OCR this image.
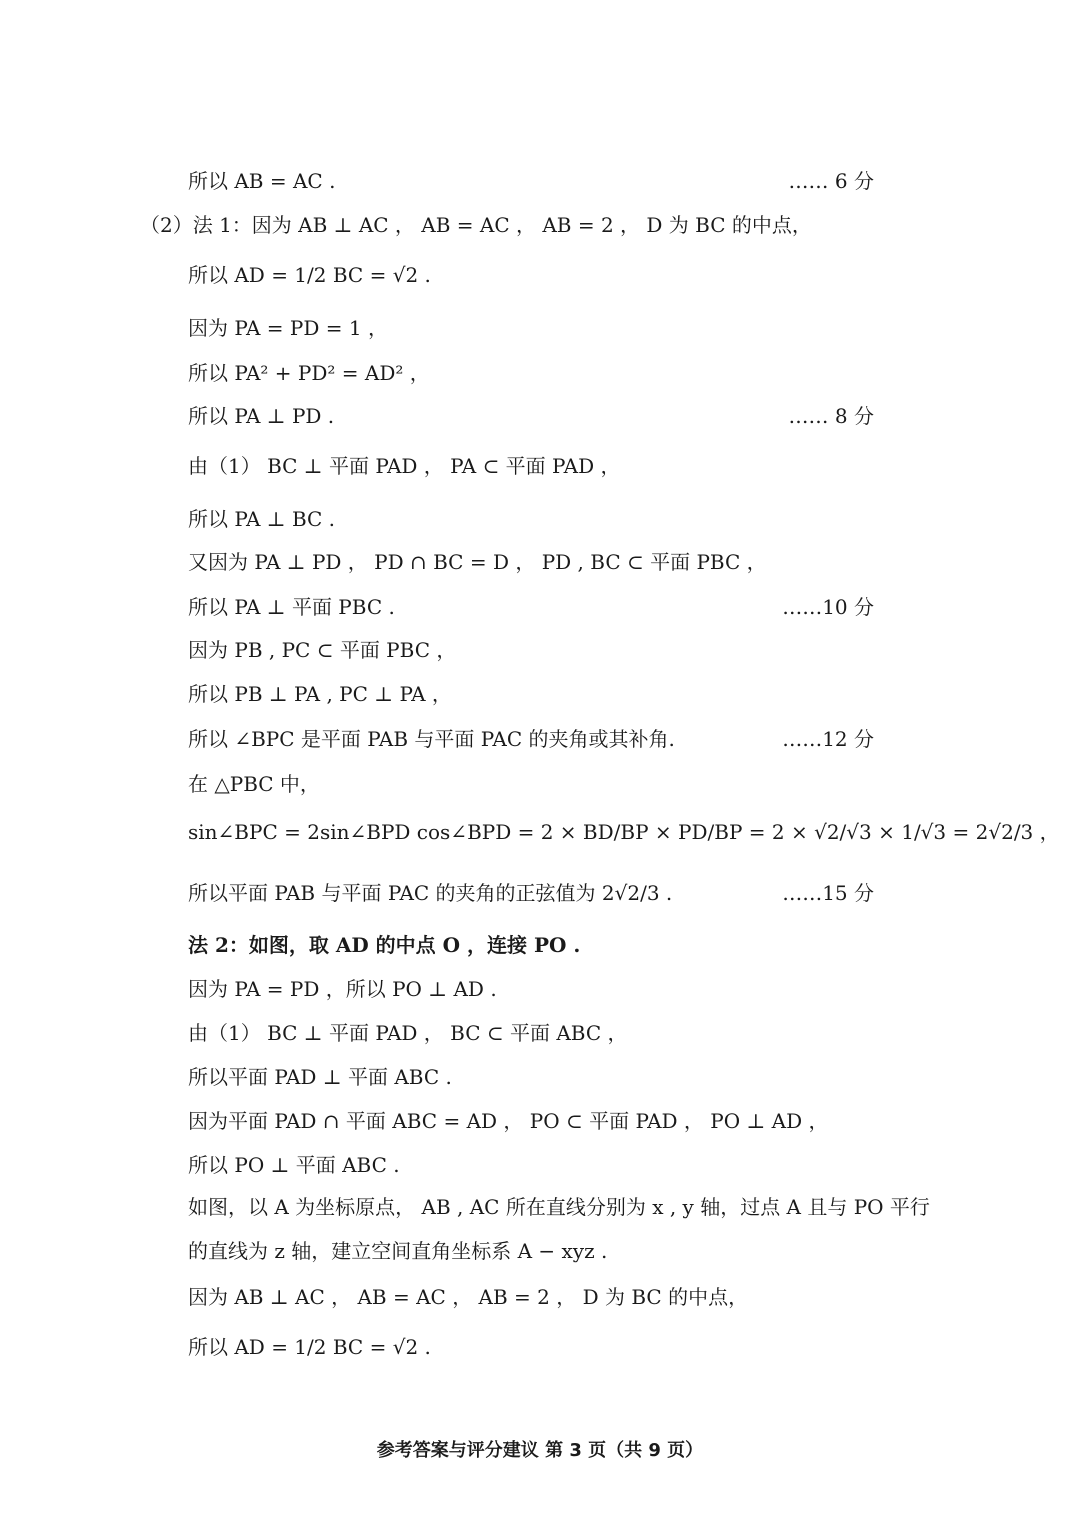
所以 AB = AC .	…… 6 分
（2）法 1：因为 AB ⊥ AC ， AB = AC ， AB = 2 ， D 为 BC 的中点，
所以 AD = 1/2 BC = √2 .
因为 PA = PD = 1 ，
所以 PA² + PD² = AD² ，
所以 PA ⊥ PD .	…… 8 分
由（1） BC ⊥ 平面 PAD ， PA ⊂ 平面 PAD ，
所以 PA ⊥ BC .
又因为 PA ⊥ PD ， PD ∩ BC = D ， PD , BC ⊂ 平面 PBC ，
所以 PA ⊥ 平面 PBC .	……10 分
因为 PB , PC ⊂ 平面 PBC ，
所以 PB ⊥ PA , PC ⊥ PA ，
所以 ∠BPC 是平面 PAB 与平面 PAC 的夹角或其补角.	……12 分
在 △PBC 中，
sin∠BPC = 2sin∠BPD cos∠BPD = 2 × BD/BP × PD/BP = 2 × √2/√3 × 1/√3 = 2√2/3 ，
所以平面 PAB 与平面 PAC 的夹角的正弦值为 2√2/3 .	……15 分
法 2：如图，取 AD 的中点 O ，连接 PO .
因为 PA = PD ，所以 PO ⊥ AD .
由（1） BC ⊥ 平面 PAD ， BC ⊂ 平面 ABC ，
所以平面 PAD ⊥ 平面 ABC .
因为平面 PAD ∩ 平面 ABC = AD ， PO ⊂ 平面 PAD ， PO ⊥ AD ，
所以 PO ⊥ 平面 ABC .
如图，以 A 为坐标原点， AB , AC 所在直线分别为 x , y 轴，过点 A 且与 PO 平行
的直线为 z 轴，建立空间直角坐标系 A − xyz .
因为 AB ⊥ AC ， AB = AC ， AB = 2 ， D 为 BC 的中点，
所以 AD = 1/2 BC = √2 .
参考答案与评分建议 第 3 页（共 9 页）
